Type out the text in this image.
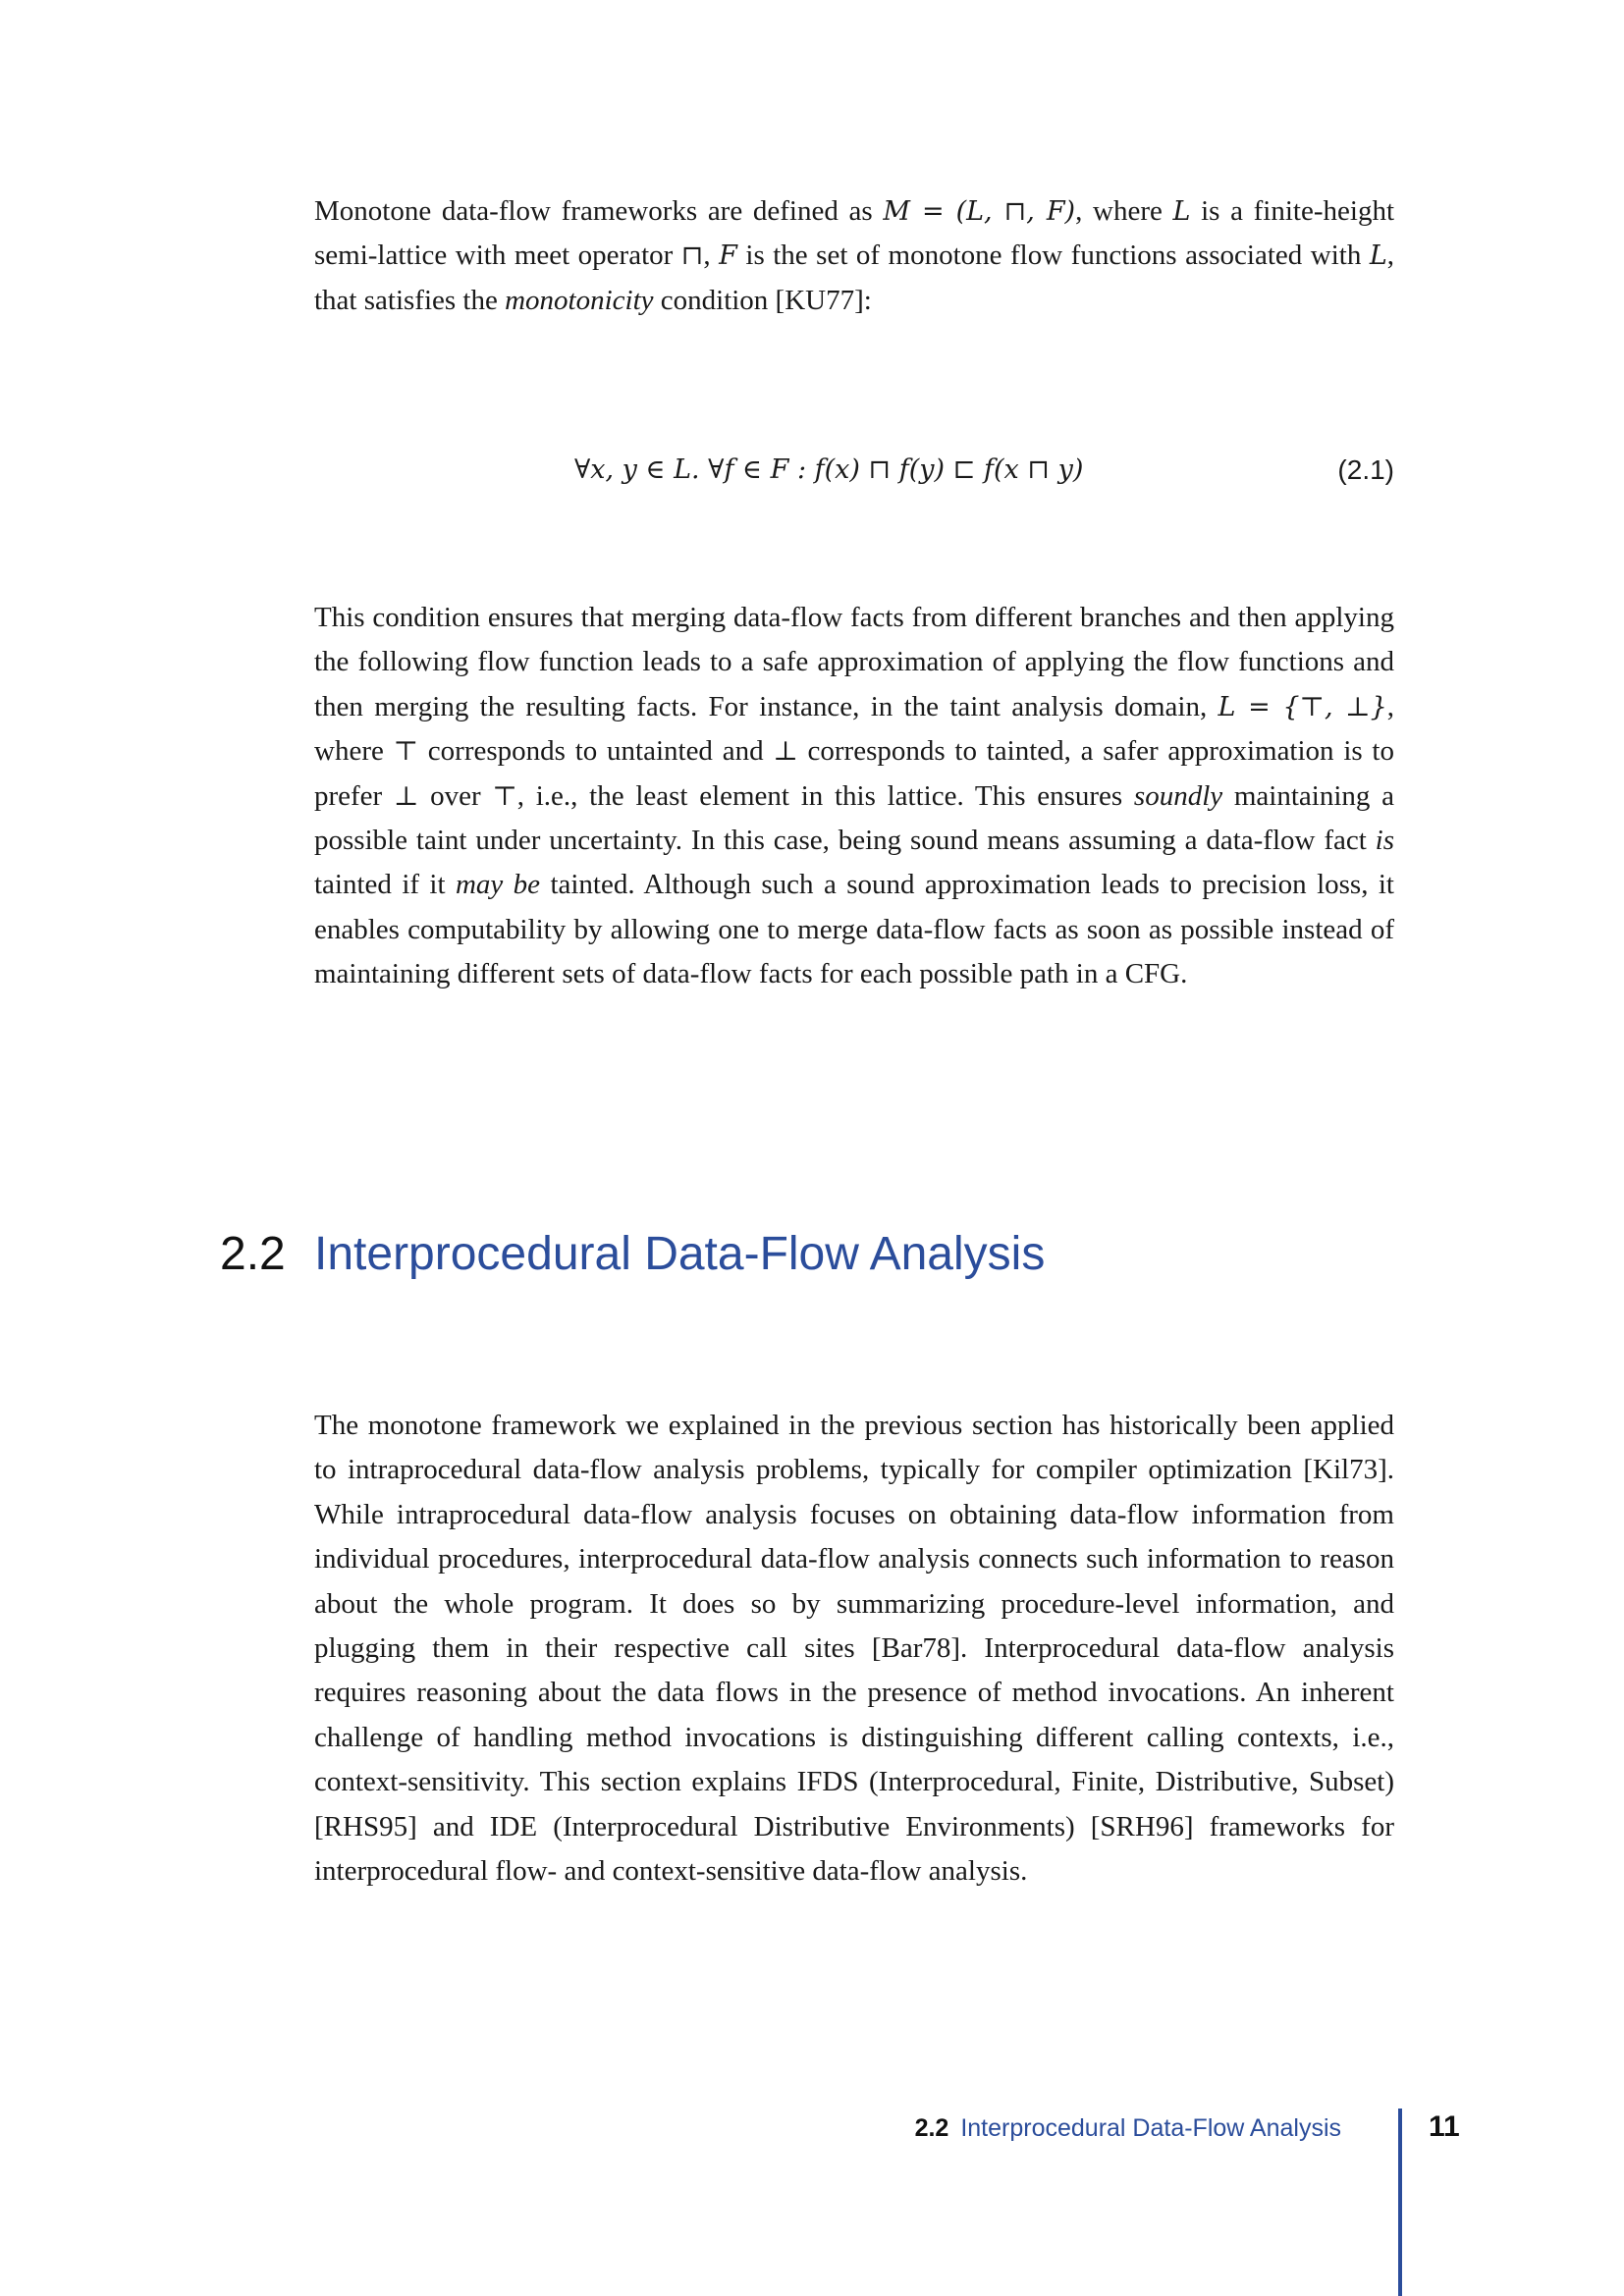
Monotone data-flow frameworks are defined as M = (L, ⊓, F), where L is a finite-height semi-lattice with meet operator ⊓, F is the set of monotone flow functions associated with L, that satisfies the monotonicity condition [KU77]:

∀x, y ∈ L. ∀f ∈ F : f(x) ⊓ f(y) ⊏ f(x ⊓ y)	(2.1)

This condition ensures that merging data-flow facts from different branches and then applying the following flow function leads to a safe approximation of applying the flow functions and then merging the resulting facts. For instance, in the taint analysis domain, L = {⊤, ⊥}, where ⊤ corresponds to untainted and ⊥ corresponds to tainted, a safer approximation is to prefer ⊥ over ⊤, i.e., the least element in this lattice. This ensures soundly maintaining a possible taint under uncertainty. In this case, being sound means assuming a data-flow fact is tainted if it may be tainted. Although such a sound approximation leads to precision loss, it enables computability by allowing one to merge data-flow facts as soon as possible instead of maintaining different sets of data-flow facts for each possible path in a CFG.

2.2 Interprocedural Data-Flow Analysis

The monotone framework we explained in the previous section has historically been applied to intraprocedural data-flow analysis problems, typically for compiler optimization [Kil73]. While intraprocedural data-flow analysis focuses on obtaining data-flow information from individual procedures, interprocedural data-flow analysis connects such information to reason about the whole program. It does so by summarizing procedure-level information, and plugging them in their respective call sites [Bar78]. Interprocedural data-flow analysis requires reasoning about the data flows in the presence of method invocations. An inherent challenge of handling method invocations is distinguishing different calling contexts, i.e., context-sensitivity. This section explains IFDS (Interprocedural, Finite, Distributive, Subset) [RHS95] and IDE (Interprocedural Distributive Environments) [SRH96] frameworks for interprocedural flow- and context-sensitive data-flow analysis.

2.2 Interprocedural Data-Flow Analysis	11
